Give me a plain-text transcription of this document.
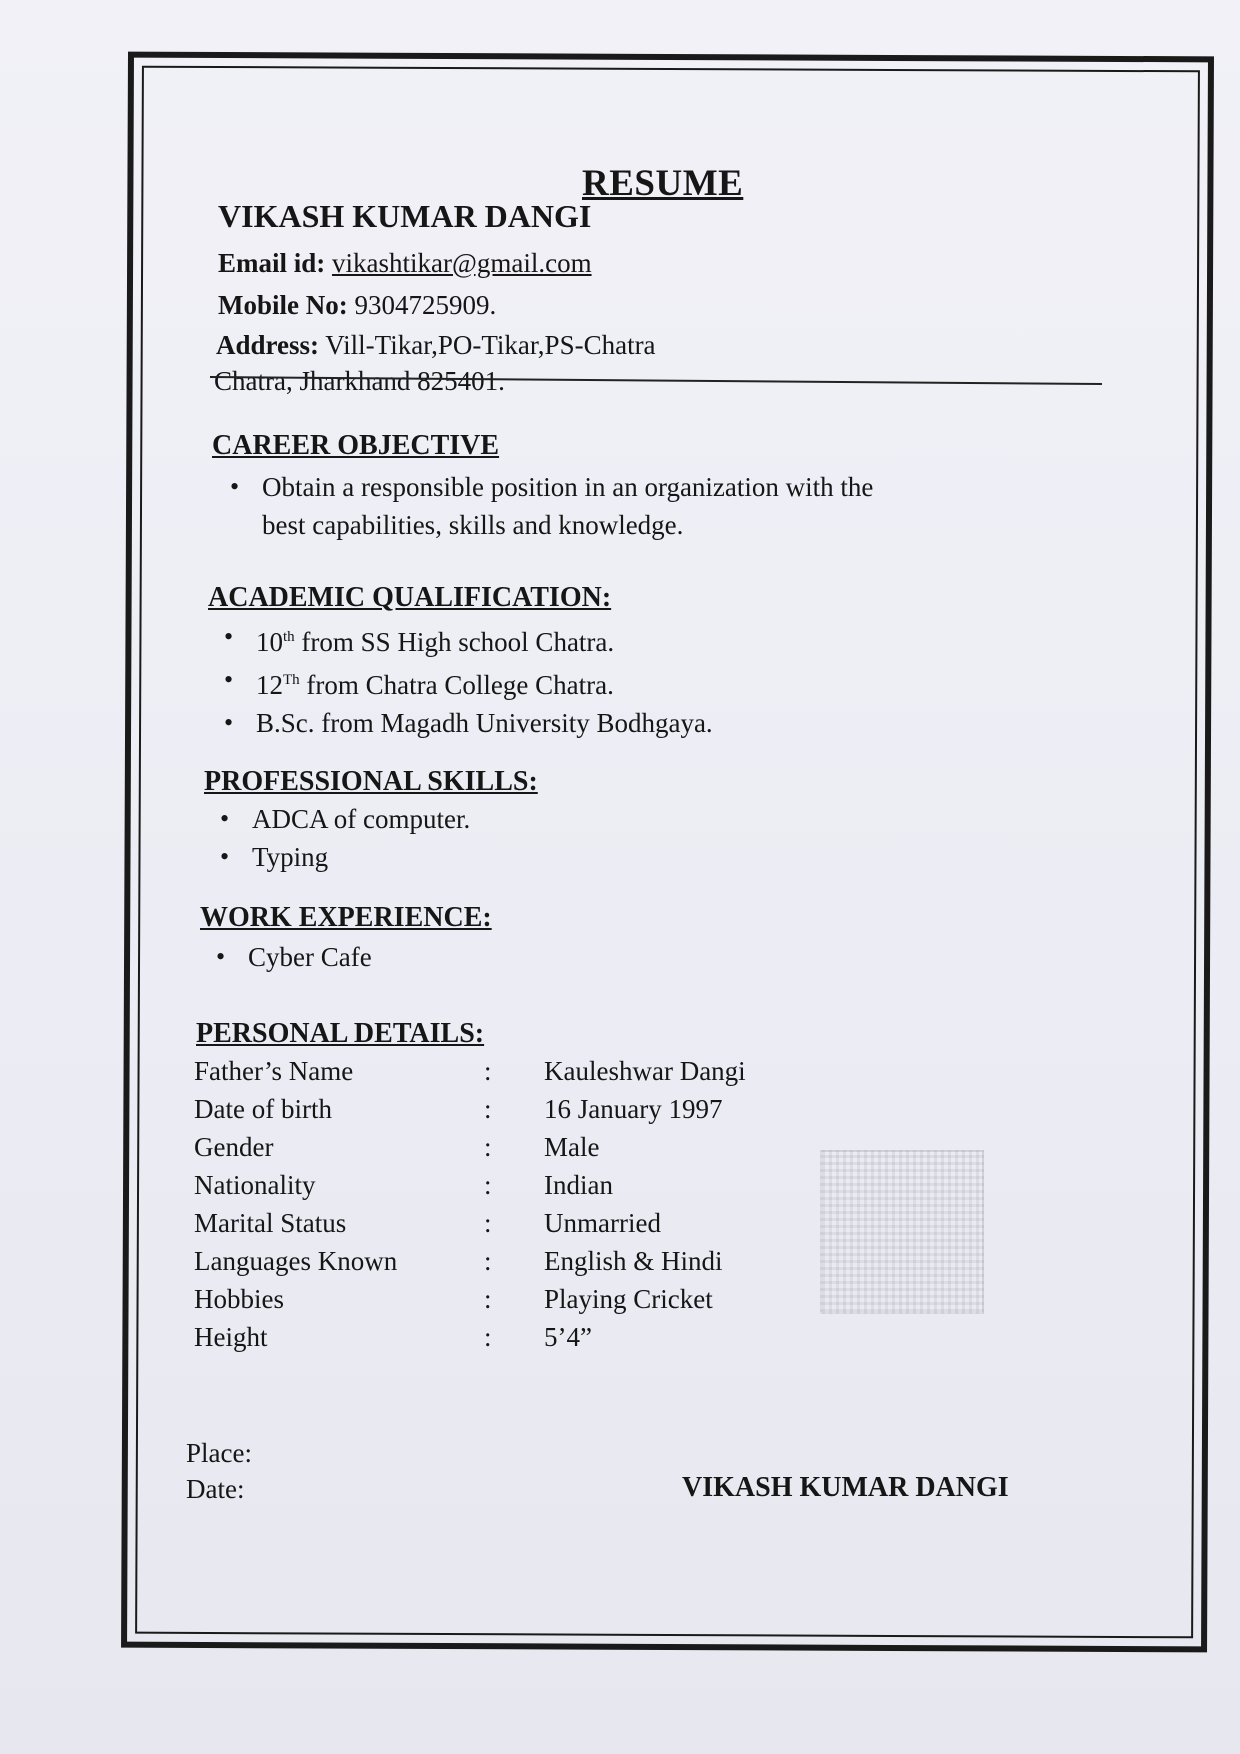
RESUME
VIKASH KUMAR DANGI
Email id: vikashtikar@gmail.com
Mobile No: 9304725909.
Address: Vill-Tikar,PO-Tikar,PS-Chatra
Chatra, Jharkhand 825401.
CAREER OBJECTIVE
• Obtain a responsible position in an organization with the best capabilities, skills and knowledge.
ACADEMIC QUALIFICATION:
• 10th from SS High school Chatra.
• 12Th from Chatra College Chatra.
• B.Sc. from Magadh University Bodhgaya.
PROFESSIONAL SKILLS:
• ADCA of computer.
• Typing
WORK EXPERIENCE:
• Cyber Cafe
PERSONAL DETAILS:
Father’s Name	: Kauleshwar Dangi
Date of birth	: 16 January 1997
Gender	: Male
Nationality	: Indian
Marital Status	: Unmarried
Languages Known	: English & Hindi
Hobbies	: Playing Cricket
Height	: 5’4”
Place:
Date:	VIKASH KUMAR DANGI
